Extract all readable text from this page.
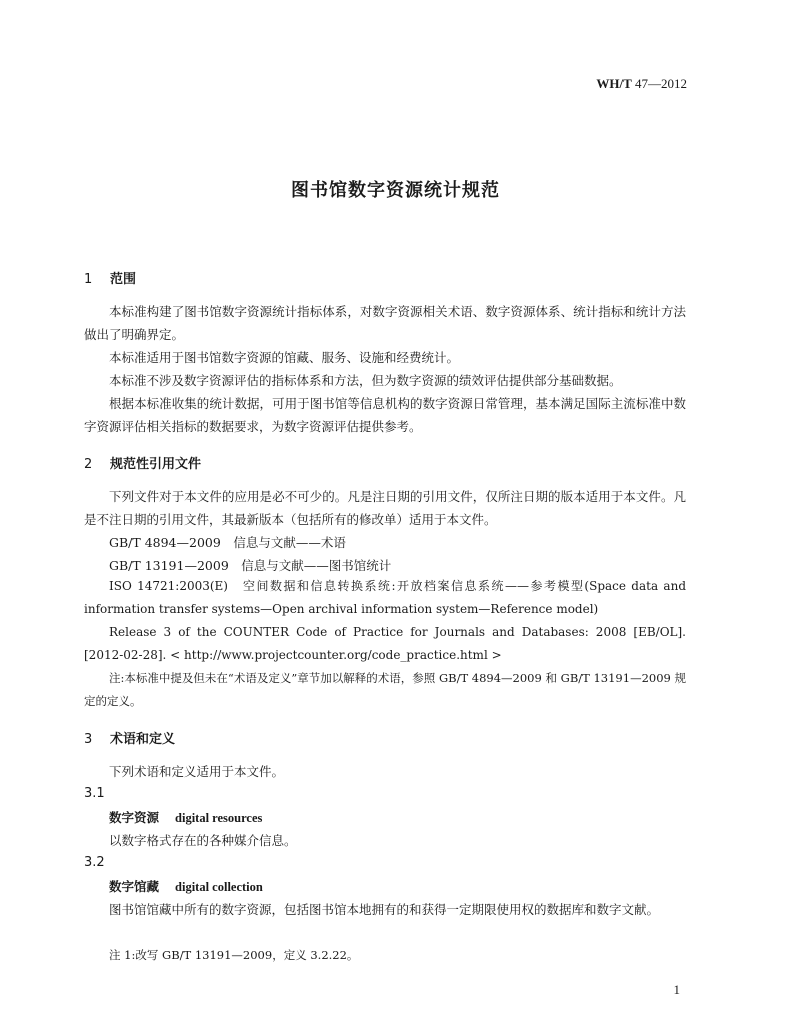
WH/T 47—2012
图书馆数字资源统计规范
1 范围
本标准构建了图书馆数字资源统计指标体系，对数字资源相关术语、数字资源体系、统计指标和统计方法做出了明确界定。
本标准适用于图书馆数字资源的馆藏、服务、设施和经费统计。
本标准不涉及数字资源评估的指标体系和方法，但为数字资源的绩效评估提供部分基础数据。
根据本标准收集的统计数据，可用于图书馆等信息机构的数字资源日常管理，基本满足国际主流标准中数字资源评估相关指标的数据要求，为数字资源评估提供参考。
2 规范性引用文件
下列文件对于本文件的应用是必不可少的。凡是注日期的引用文件，仅所注日期的版本适用于本文件。凡是不注日期的引用文件，其最新版本（包括所有的修改单）适用于本文件。
GB/T 4894—2009　信息与文献——术语
GB/T 13191—2009　信息与文献——图书馆统计
ISO 14721:2003(E)　空间数据和信息转换系统:开放档案信息系统——参考模型(Space data and information transfer systems—Open archival information system—Reference model)
Release 3 of the COUNTER Code of Practice for Journals and Databases: 2008 [EB/OL]. [2012-02-28]. < http://www.projectcounter.org/code_practice.html >
注:本标准中提及但未在“术语及定义”章节加以解释的术语，参照 GB/T 4894—2009 和 GB/T 13191—2009 规定的定义。
3 术语和定义
下列术语和定义适用于本文件。
3.1
数字资源 digital resources
以数字格式存在的各种媒介信息。
3.2
数字馆藏 digital collection
图书馆馆藏中所有的数字资源，包括图书馆本地拥有的和获得一定期限使用权的数据库和数字文献。
注 1:改写 GB/T 13191—2009，定义 3.2.22。
1
